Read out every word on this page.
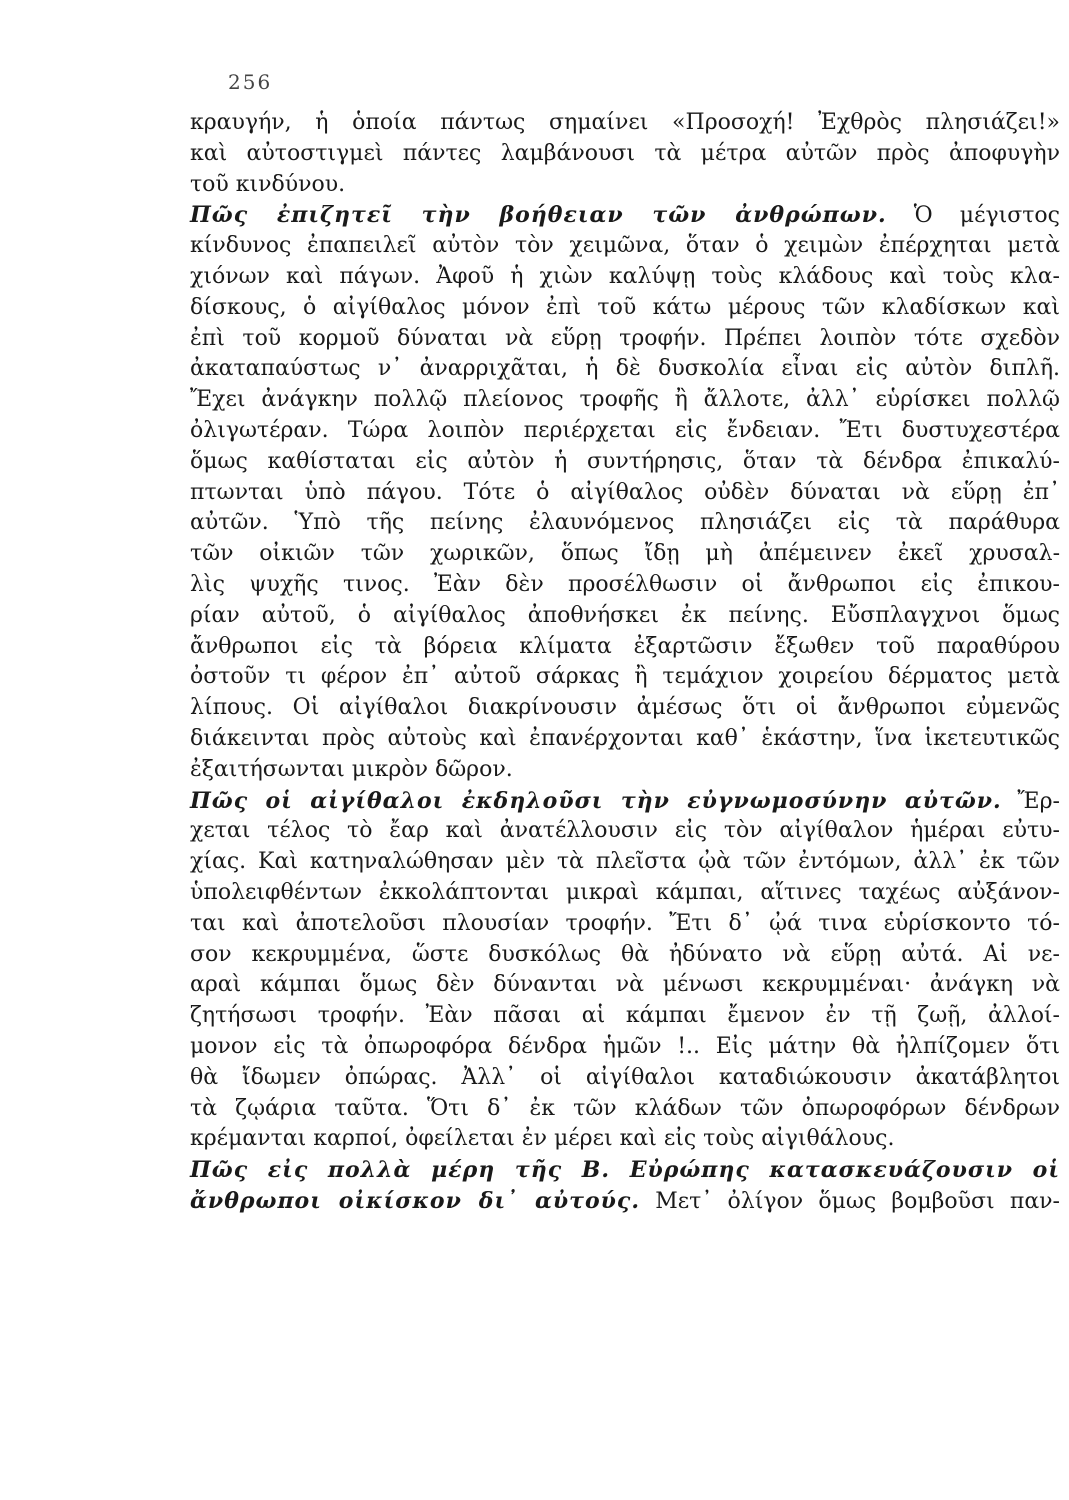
256
κραυγήν, ἡ ὁποία πάντως σημαίνει «Προσοχή! Ἐχθρὸς πλησιάζει!»
καὶ αὐτοστιγμεὶ πάντες λαμβάνουσι τὰ μέτρα αὐτῶν πρὸς ἀποφυγὴν
τοῦ κινδύνου.
Πῶς ἐπιζητεῖ τὴν βοήθειαν τῶν ἀνθρώπων. Ὁ μέγιστος
κίνδυνος ἐπαπειλεῖ αὐτὸν τὸν χειμῶνα, ὅταν ὁ χειμὼν ἐπέρχηται μετὰ
χιόνων καὶ πάγων. Ἀφοῦ ἡ χιὼν καλύψῃ τοὺς κλάδους καὶ τοὺς κλα-
δίσκους, ὁ αἰγίθαλος μόνον ἐπὶ τοῦ κάτω μέρους τῶν κλαδίσκων καὶ
ἐπὶ τοῦ κορμοῦ δύναται νὰ εὕρῃ τροφήν. Πρέπει λοιπὸν τότε σχεδὸν
ἀκαταπαύστως ν᾽ ἀναρριχᾶται, ἡ δὲ δυσκολία εἶναι εἰς αὐτὸν διπλῆ.
Ἔχει ἀνάγκην πολλῷ πλείονος τροφῆς ἢ ἄλλοτε, ἀλλ᾽ εὑρίσκει πολλῷ
ὀλιγωτέραν. Τώρα λοιπὸν περιέρχεται εἰς ἔνδειαν. Ἔτι δυστυχεστέρα
ὅμως καθίσταται εἰς αὐτὸν ἡ συντήρησις, ὅταν τὰ δένδρα ἐπικαλύ-
πτωνται ὑπὸ πάγου. Τότε ὁ αἰγίθαλος οὐδὲν δύναται νὰ εὕρῃ ἐπ᾽
αὐτῶν. Ὑπὸ τῆς πείνης ἐλαυνόμενος πλησιάζει εἰς τὰ παράθυρα
τῶν οἰκιῶν τῶν χωρικῶν, ὅπως ἴδῃ μὴ ἀπέμεινεν ἐκεῖ χρυσαλ-
λὶς ψυχῆς τινος. Ἐὰν δὲν προσέλθωσιν οἱ ἄνθρωποι εἰς ἐπικου-
ρίαν αὐτοῦ, ὁ αἰγίθαλος ἀποθνήσκει ἐκ πείνης. Εὔσπλαγχνοι ὅμως
ἄνθρωποι εἰς τὰ βόρεια κλίματα ἐξαρτῶσιν ἔξωθεν τοῦ παραθύρου
ὀστοῦν τι φέρον ἐπ᾽ αὐτοῦ σάρκας ἢ τεμάχιον χοιρείου δέρματος μετὰ
λίπους. Οἱ αἰγίθαλοι διακρίνουσιν ἀμέσως ὅτι οἱ ἄνθρωποι εὐμενῶς
διάκεινται πρὸς αὐτοὺς καὶ ἐπανέρχονται καθ᾽ ἑκάστην, ἵνα ἱκετευτικῶς
ἐξαιτήσωνται μικρὸν δῶρον.
Πῶς οἱ αἰγίθαλοι ἐκδηλοῦσι τὴν εὐγνωμοσύνην αὐτῶν. Ἔρ-
χεται τέλος τὸ ἔαρ καὶ ἀνατέλλουσιν εἰς τὸν αἰγίθαλον ἡμέραι εὐτυ-
χίας. Καὶ κατηναλώθησαν μὲν τὰ πλεῖστα ᾠὰ τῶν ἐντόμων, ἀλλ᾽ ἐκ τῶν
ὑπολειφθέντων ἐκκολάπτονται μικραὶ κάμπαι, αἵτινες ταχέως αὐξάνον-
ται καὶ ἀποτελοῦσι πλουσίαν τροφήν. Ἔτι δ᾽ ᾠά τινα εὑρίσκοντο τό-
σον κεκρυμμένα, ὥστε δυσκόλως θὰ ἠδύνατο νὰ εὕρῃ αὐτά. Αἱ νε-
αραὶ κάμπαι ὅμως δὲν δύνανται νὰ μένωσι κεκρυμμέναι· ἀνάγκη νὰ
ζητήσωσι τροφήν. Ἐὰν πᾶσαι αἱ κάμπαι ἔμενον ἐν τῇ ζωῇ, ἀλλοί-
μονον εἰς τὰ ὀπωροφόρα δένδρα ἡμῶν !.. Εἰς μάτην θὰ ἠλπίζομεν ὅτι
θὰ ἴδωμεν ὀπώρας. Ἀλλ᾽ οἱ αἰγίθαλοι καταδιώκουσιν ἀκατάβλητοι
τὰ ζῳάρια ταῦτα. Ὅτι δ᾽ ἐκ τῶν κλάδων τῶν ὀπωροφόρων δένδρων
κρέμανται καρποί, ὀφείλεται ἐν μέρει καὶ εἰς τοὺς αἰγιθάλους.
Πῶς εἰς πολλὰ μέρη τῆς Β. Εὐρώπης κατασκευάζουσιν οἱ
ἄνθρωποι οἰκίσκον δι᾽ αὐτούς. Μετ᾽ ὀλίγον ὅμως βομβοῦσι παν-
